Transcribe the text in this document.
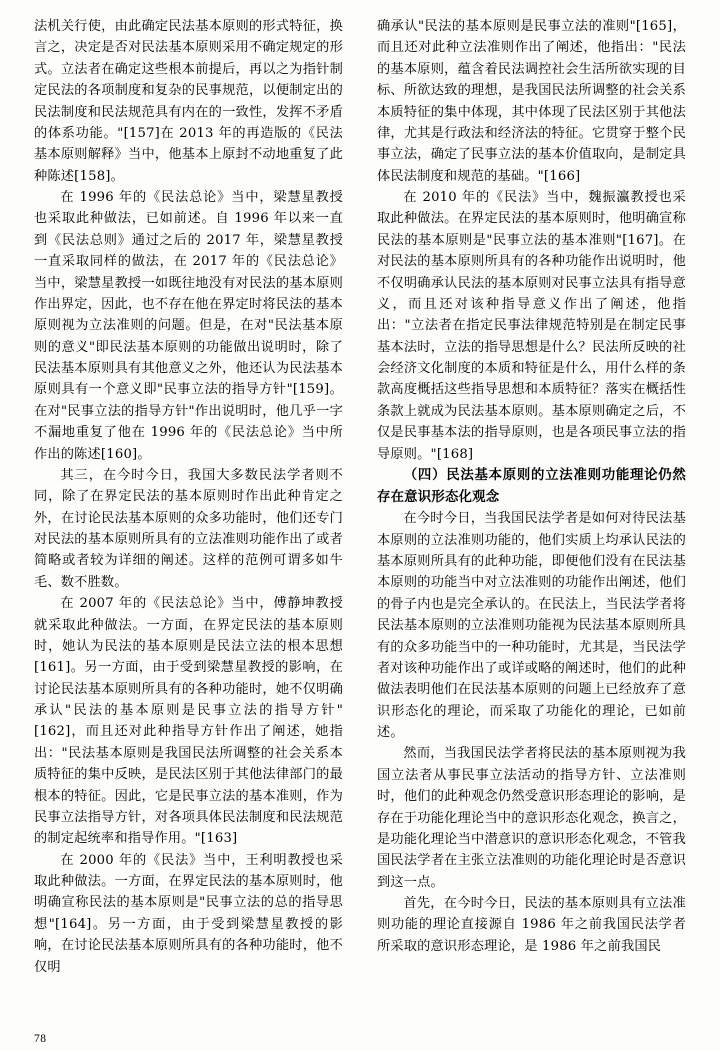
法机关行使，由此确定民法基本原则的形式特征，换言之，决定是否对民法基本原则采用不确定规定的形式。立法者在确定这些根本前提后，再以之为指针制定民法的各项制度和复杂的民事规范，以便制定出的民法制度和民法规范具有内在的一致性，发挥不矛盾的体系功能。"[157]在 2013 年的再造版的《民法基本原则解释》当中，他基本上原封不动地重复了此种陈述[158]。

在 1996 年的《民法总论》当中，梁慧星教授也采取此种做法，已如前述。自 1996 年以来一直到《民法总则》通过之后的 2017 年，梁慧星教授一直采取同样的做法，在 2017 年的《民法总论》当中，梁慧星教授一如既往地没有对民法的基本原则作出界定，因此，也不存在他在界定时将民法的基本原则视为立法准则的问题。但是，在对"民法基本原则的意义"即民法基本原则的功能做出说明时，除了民法基本原则具有其他意义之外，他还认为民法基本原则具有一个意义即"民事立法的指导方针"[159]。在对"民事立法的指导方针"作出说明时，他几乎一字不漏地重复了他在 1996 年的《民法总论》当中所作出的陈述[160]。

其三，在今时今日，我国大多数民法学者则不同，除了在界定民法的基本原则时作出此种肯定之外，在讨论民法基本原则的众多功能时，他们还专门对民法的基本原则所具有的立法准则功能作出了或者简略或者较为详细的阐述。这样的范例可谓多如牛毛、数不胜数。

在 2007 年的《民法总论》当中，傅静坤教授就采取此种做法。一方面，在界定民法的基本原则时，她认为民法的基本原则是民法立法的根本思想[161]。另一方面，由于受到梁慧星教授的影响，在讨论民法基本原则所具有的各种功能时，她不仅明确承认"民法的基本原则是民事立法的指导方针"[162]，而且还对此种指导方针作出了阐述，她指出："民法基本原则是我国民法所调整的社会关系本质特征的集中反映，是民法区别于其他法律部门的最根本的特征。因此，它是民事立法的基本准则，作为民事立法指导方针，对各项具体民法制度和民法规范的制定起统率和指导作用。"[163]

在 2000 年的《民法》当中，王利明教授也采取此种做法。一方面，在界定民法的基本原则时，他明确宣称民法的基本原则是"民事立法的总的指导思想"[164]。另一方面，由于受到梁慧星教授的影响，在讨论民法基本原则所具有的各种功能时，他不仅明

确承认"民法的基本原则是民事立法的准则"[165]，而且还对此种立法准则作出了阐述，他指出："民法的基本原则，蕴含着民法调控社会生活所欲实现的目标、所欲达致的理想，是我国民法所调整的社会关系本质特征的集中体现，其中体现了民法区别于其他法律，尤其是行政法和经济法的特征。它贯穿于整个民事立法，确定了民事立法的基本价值取向，是制定具体民法制度和规范的基础。"[166]

在 2010 年的《民法》当中，魏振瀛教授也采取此种做法。在界定民法的基本原则时，他明确宣称民法的基本原则是"民事立法的基本准则"[167]。在对民法的基本原则所具有的各种功能作出说明时，他不仅明确承认民法的基本原则对民事立法具有指导意义，而且还对该种指导意义作出了阐述，他指出："立法者在指定民事法律规范特别是在制定民事基本法时，立法的指导思想是什么？民法所反映的社会经济文化制度的本质和特征是什么，用什么样的条款高度概括这些指导思想和本质特征？落实在概括性条款上就成为民法基本原则。基本原则确定之后，不仅是民事基本法的指导原则，也是各项民事立法的指导原则。"[168]

（四）民法基本原则的立法准则功能理论仍然存在意识形态化观念

在今时今日，当我国民法学者是如何对待民法基本原则的立法准则功能的，他们实质上均承认民法的基本原则所具有的此种功能，即便他们没有在民法基本原则的功能当中对立法准则的功能作出阐述，他们的骨子内也是完全承认的。在民法上，当民法学者将民法基本原则的立法准则功能视为民法基本原则所具有的众多功能当中的一种功能时，尤其是，当民法学者对该种功能作出了或详或略的阐述时，他们的此种做法表明他们在民法基本原则的问题上已经放弃了意识形态化的理论，而采取了功能化的理论，已如前述。

然而，当我国民法学者将民法的基本原则视为我国立法者从事民事立法活动的指导方针、立法准则时，他们的此种观念仍然受意识形态理论的影响，是存在于功能化理论当中的意识形态化观念，换言之，是功能化理论当中潜意识的意识形态化观念，不管我国民法学者在主张立法准则的功能化理论时是否意识到这一点。

首先，在今时今日，民法的基本原则具有立法准则功能的理论直接源自 1986 年之前我国民法学者所采取的意识形态理论，是 1986 年之前我国民

78
